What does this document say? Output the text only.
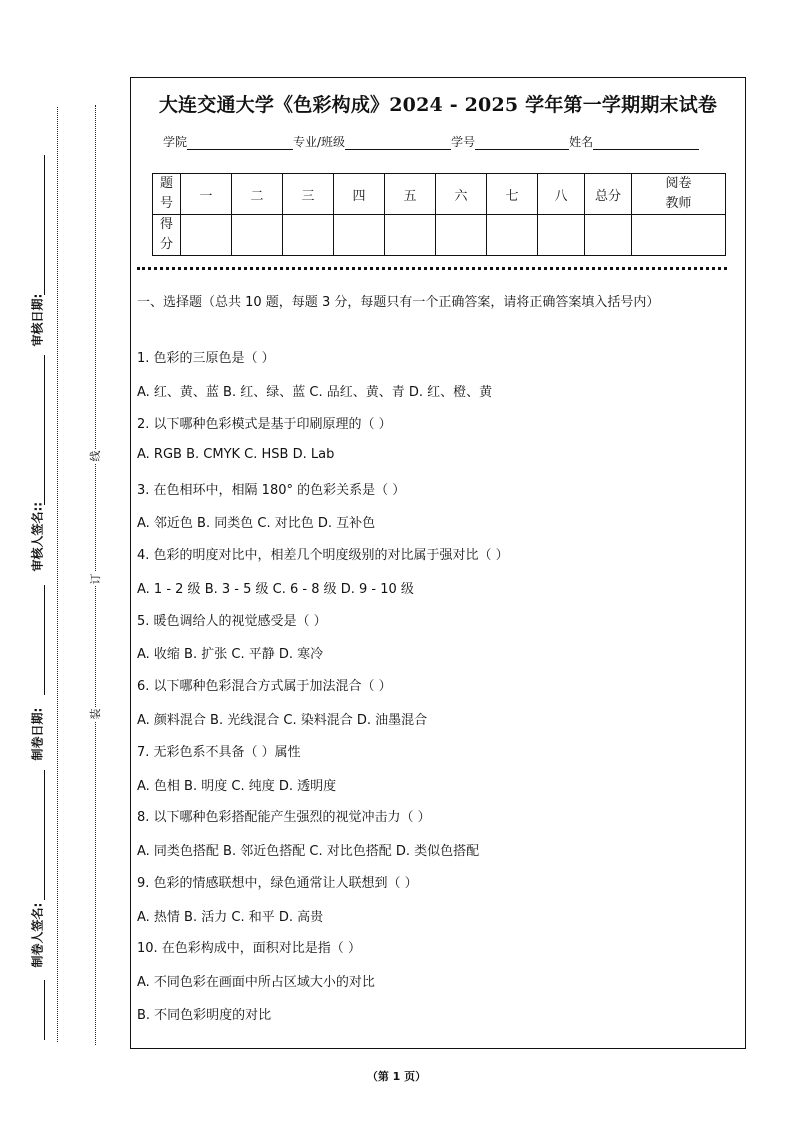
审核日期:
审核人签名::
制卷日期:
制卷人签名:
线
订
装
大连交通大学《色彩构成》2024 - 2025 学年第一学期期末试卷
学院	专业/班级	学号	姓名
题号	一	二	三	四	五	六	七	八	总分	阅卷教师
得分										
一、选择题（总共 10 题，每题 3 分，每题只有一个正确答案，请将正确答案填入括号内）
1. 色彩的三原色是（ ）
A. 红、黄、蓝 B. 红、绿、蓝 C. 品红、黄、青 D. 红、橙、黄
2. 以下哪种色彩模式是基于印刷原理的（ ）
A. RGB B. CMYK C. HSB D. Lab
3. 在色相环中，相隔 180° 的色彩关系是（ ）
A. 邻近色 B. 同类色 C. 对比色 D. 互补色
4. 色彩的明度对比中，相差几个明度级别的对比属于强对比（ ）
A. 1 - 2 级 B. 3 - 5 级 C. 6 - 8 级 D. 9 - 10 级
5. 暖色调给人的视觉感受是（ ）
A. 收缩 B. 扩张 C. 平静 D. 寒冷
6. 以下哪种色彩混合方式属于加法混合（ ）
A. 颜料混合 B. 光线混合 C. 染料混合 D. 油墨混合
7. 无彩色系不具备（ ）属性
A. 色相 B. 明度 C. 纯度 D. 透明度
8. 以下哪种色彩搭配能产生强烈的视觉冲击力（ ）
A. 同类色搭配 B. 邻近色搭配 C. 对比色搭配 D. 类似色搭配
9. 色彩的情感联想中，绿色通常让人联想到（ ）
A. 热情 B. 活力 C. 和平 D. 高贵
10. 在色彩构成中，面积对比是指（ ）
A. 不同色彩在画面中所占区域大小的对比
B. 不同色彩明度的对比
（第 1 页）
